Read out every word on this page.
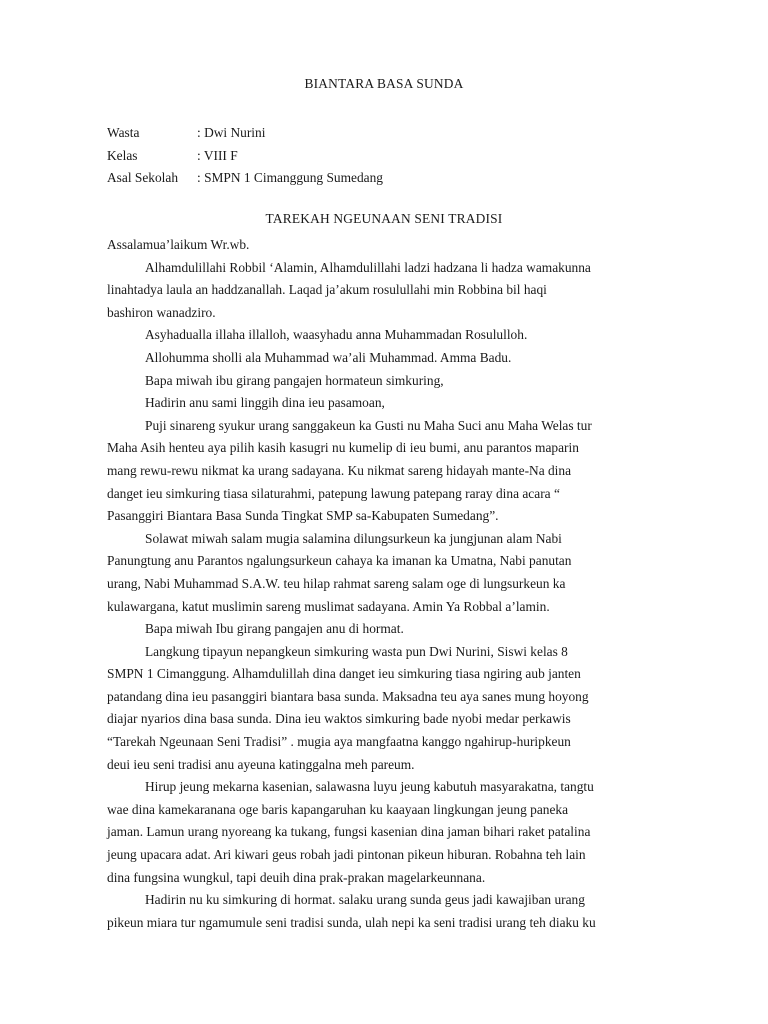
BIANTARA BASA SUNDA
Wasta	: Dwi Nurini
Kelas	: VIII F
Asal Sekolah : SMPN 1 Cimanggung Sumedang
TAREKAH NGEUNAAN SENI TRADISI
Assalamua’laikum Wr.wb.
Alhamdulillahi Robbil ‘Alamin, Alhamdulillahi ladzi hadzana li hadza wamakunna
linahtadya laula an haddzanallah. Laqad ja’akum rosulullahi min Robbina bil haqi
bashiron wanadziro.
Asyhadualla illaha illalloh, waasyhadu anna Muhammadan Rosululloh.
Allohumma sholli ala Muhammad wa’ali Muhammad. Amma Badu.
Bapa miwah ibu girang pangajen hormateun simkuring,
Hadirin anu sami linggih dina ieu pasamoan,
Puji sinareng syukur urang sanggakeun ka Gusti nu Maha Suci anu Maha Welas tur
Maha Asih henteu aya pilih kasih kasugri nu kumelip di ieu bumi, anu parantos maparin
mang rewu-rewu nikmat ka urang sadayana. Ku nikmat sareng hidayah mante-Na dina
danget ieu simkuring tiasa silaturahmi, patepung lawung patepang raray dina acara “
Pasanggiri Biantara Basa Sunda Tingkat SMP sa-Kabupaten Sumedang”.
Solawat miwah salam mugia salamina dilungsurkeun ka jungjunan alam Nabi
Panungtung anu Parantos ngalungsurkeun cahaya ka imanan ka Umatna, Nabi panutan
urang, Nabi Muhammad S.A.W. teu hilap rahmat sareng salam oge di lungsurkeun ka
kulawargana, katut muslimin sareng muslimat sadayana. Amin Ya Robbal a’lamin.
Bapa miwah Ibu girang pangajen anu di hormat.
Langkung tipayun nepangkeun simkuring wasta pun Dwi Nurini, Siswi kelas 8
SMPN 1 Cimanggung. Alhamdulillah dina danget ieu simkuring tiasa ngiring aub janten
patandang dina ieu pasanggiri biantara basa sunda. Maksadna teu aya sanes mung hoyong
diajar nyarios dina basa sunda. Dina ieu waktos simkuring bade nyobi medar perkawis
“Tarekah Ngeunaan Seni Tradisi” . mugia aya mangfaatna kanggo ngahirup-huripkeun
deui ieu seni tradisi anu ayeuna katinggalna meh pareum.
Hirup jeung mekarna kasenian, salawasna luyu jeung kabutuh masyarakatna, tangtu
wae dina kamekaranana oge baris kapangaruhan ku kaayaan lingkungan jeung paneka
jaman. Lamun urang nyoreang ka tukang, fungsi kasenian dina jaman bihari raket patalina
jeung upacara adat. Ari kiwari geus robah jadi pintonan pikeun hiburan. Robahna teh lain
dina fungsina wungkul, tapi deuih dina prak-prakan magelarkeunnana.
Hadirin nu ku simkuring di hormat. salaku urang sunda geus jadi kawajiban urang
pikeun miara tur ngamumule seni tradisi sunda, ulah nepi ka seni tradisi urang teh diaku ku
